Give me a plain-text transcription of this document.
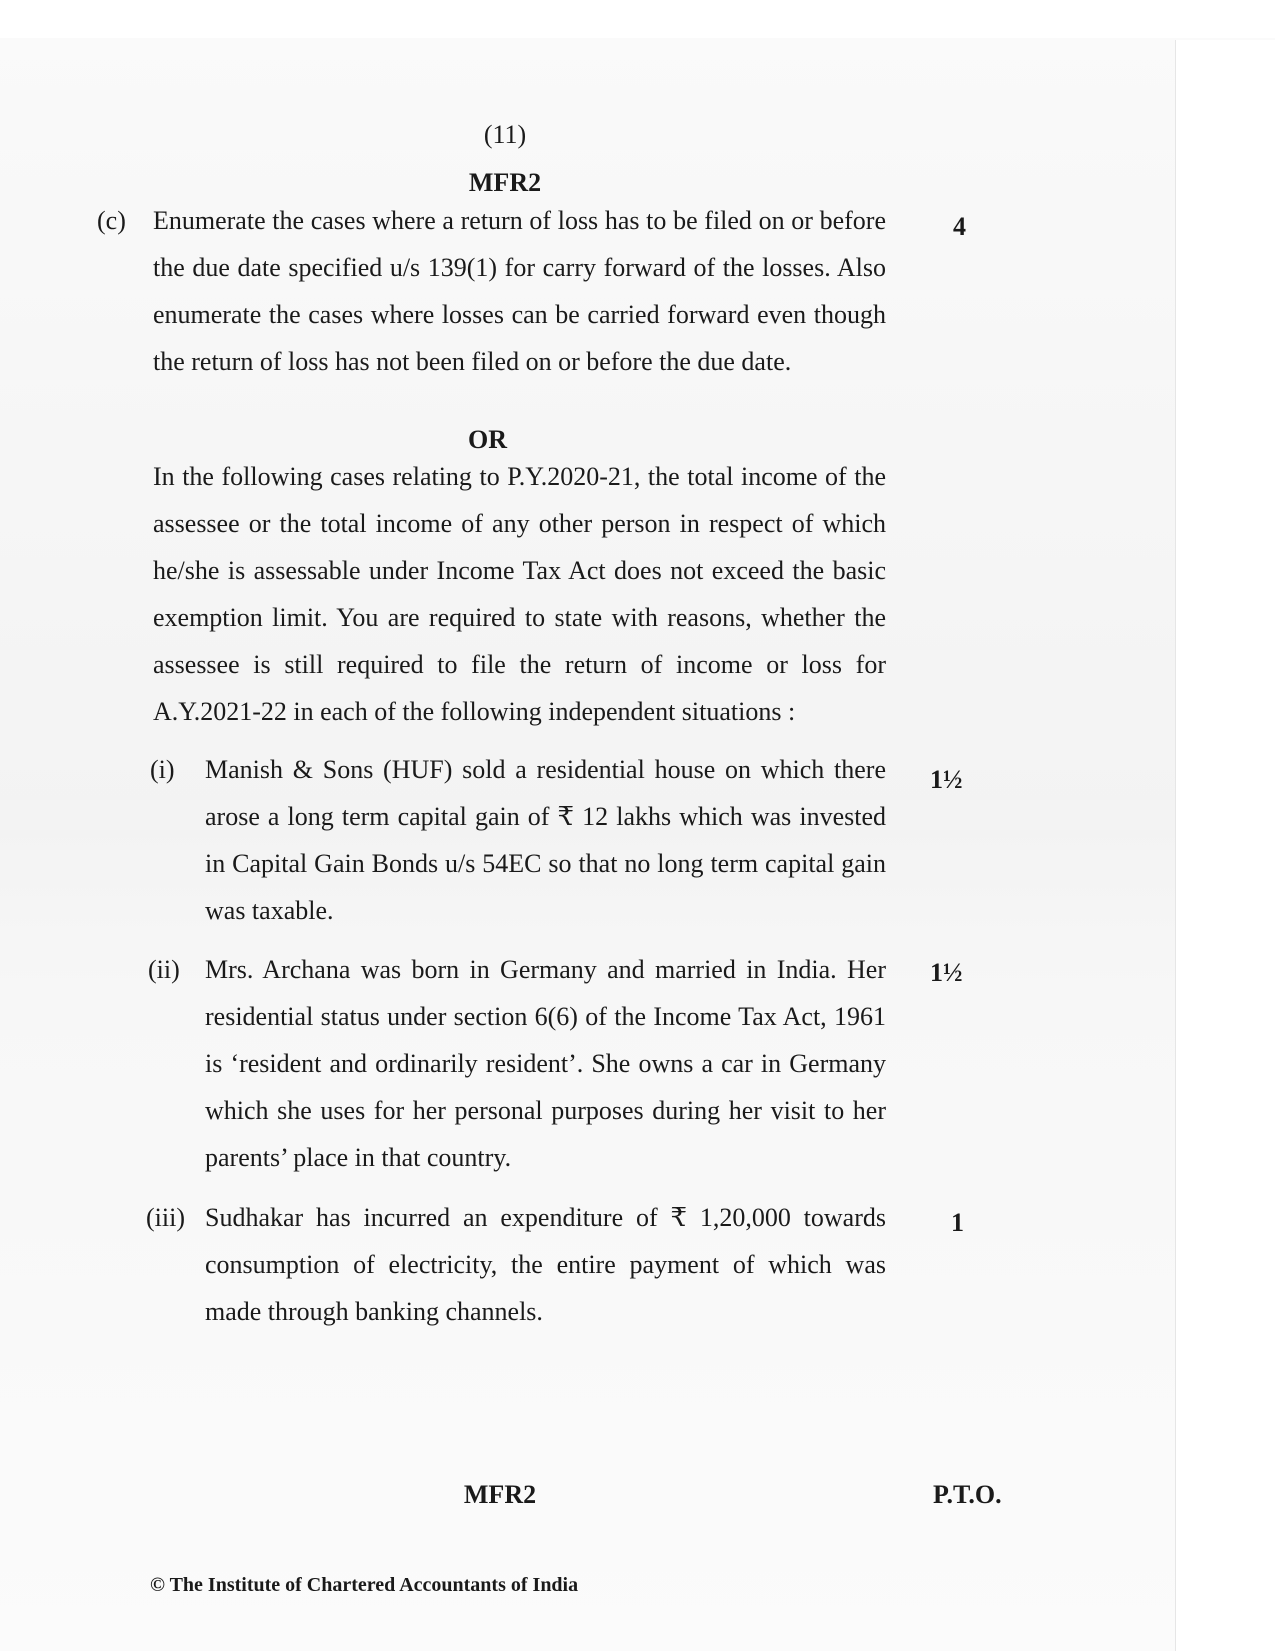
(11)
MFR2
(c)	4
Enumerate the cases where a return of loss has to be filed on or before
the due date specified u/s 139(1) for carry forward of the losses. Also
enumerate the cases where losses can be carried forward even though
the return of loss has not been filed on or before the due date.
OR
In the following cases relating to P.Y.2020-21, the total income of the
assessee or the total income of any other person in respect of which
he/she is assessable under Income Tax Act does not exceed the basic
exemption limit. You are required to state with reasons, whether the
assessee is still required to file the return of income or loss for
A.Y.2021-22 in each of the following independent situations :
(i)	1½
Manish & Sons (HUF) sold a residential house on which there
arose a long term capital gain of ₹ 12 lakhs which was invested
in Capital Gain Bonds u/s 54EC so that no long term capital gain
was taxable.
(ii)	1½
Mrs. Archana was born in Germany and married in India. Her
residential status under section 6(6) of the Income Tax Act, 1961
is ‘resident and ordinarily resident’. She owns a car in Germany
which she uses for her personal purposes during her visit to her
parents’ place in that country.
(iii)	1
Sudhakar has incurred an expenditure of ₹ 1,20,000 towards
consumption of electricity, the entire payment of which was
made through banking channels.
MFR2	P.T.O.
© The Institute of Chartered Accountants of India
